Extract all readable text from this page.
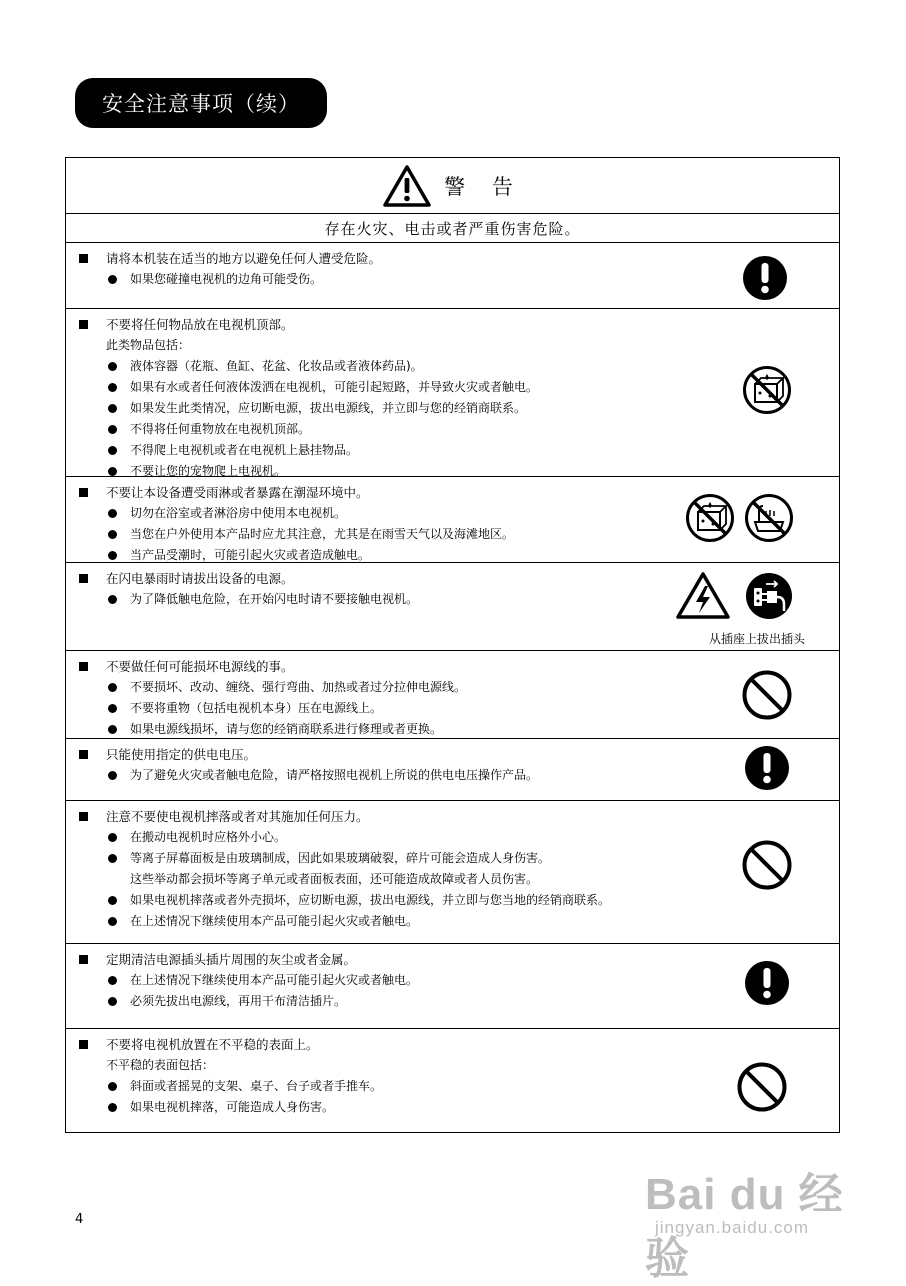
安全注意事项（续）
警 告
存在火灾、电击或者严重伤害危险。
请将本机装在适当的地方以避免任何人遭受危险。
如果您碰撞电视机的边角可能受伤。
不要将任何物品放在电视机顶部。
此类物品包括：
液体容器（花瓶、鱼缸、花盆、化妆品或者液体药品)。
如果有水或者任何液体泼洒在电视机，可能引起短路，并导致火灾或者触电。
如果发生此类情况，应切断电源，拔出电源线，并立即与您的经销商联系。
不得将任何重物放在电视机顶部。
不得爬上电视机或者在电视机上悬挂物品。
不要让您的宠物爬上电视机。
不要让本设备遭受雨淋或者暴露在潮湿环境中。
切勿在浴室或者淋浴房中使用本电视机。
当您在户外使用本产品时应尤其注意，尤其是在雨雪天气以及海滩地区。
当产品受潮时，可能引起火灾或者造成触电。
在闪电暴雨时请拔出设备的电源。
为了降低触电危险，在开始闪电时请不要接触电视机。
从插座上拔出插头
不要做任何可能损坏电源线的事。
不要损坏、改动、缠绕、强行弯曲、加热或者过分拉伸电源线。
不要将重物（包括电视机本身）压在电源线上。
如果电源线损坏，请与您的经销商联系进行修理或者更换。
只能使用指定的供电电压。
为了避免火灾或者触电危险，请严格按照电视机上所说的供电电压操作产品。
注意不要使电视机摔落或者对其施加任何压力。
在搬动电视机时应格外小心。
等离子屏幕面板是由玻璃制成，因此如果玻璃破裂，碎片可能会造成人身伤害。
这些举动都会损坏等离子单元或者面板表面，还可能造成故障或者人员伤害。
如果电视机摔落或者外壳损坏，应切断电源，拔出电源线，并立即与您当地的经销商联系。
在上述情况下继续使用本产品可能引起火灾或者触电。
定期清洁电源插头插片周围的灰尘或者金属。
在上述情况下继续使用本产品可能引起火灾或者触电。
必须先拔出电源线，再用干布清洁插片。
不要将电视机放置在不平稳的表面上。
不平稳的表面包括：
斜面或者摇晃的支架、桌子、台子或者手推车。
如果电视机摔落，可能造成人身伤害。
4
Bai du 经验
jingyan.baidu.com
